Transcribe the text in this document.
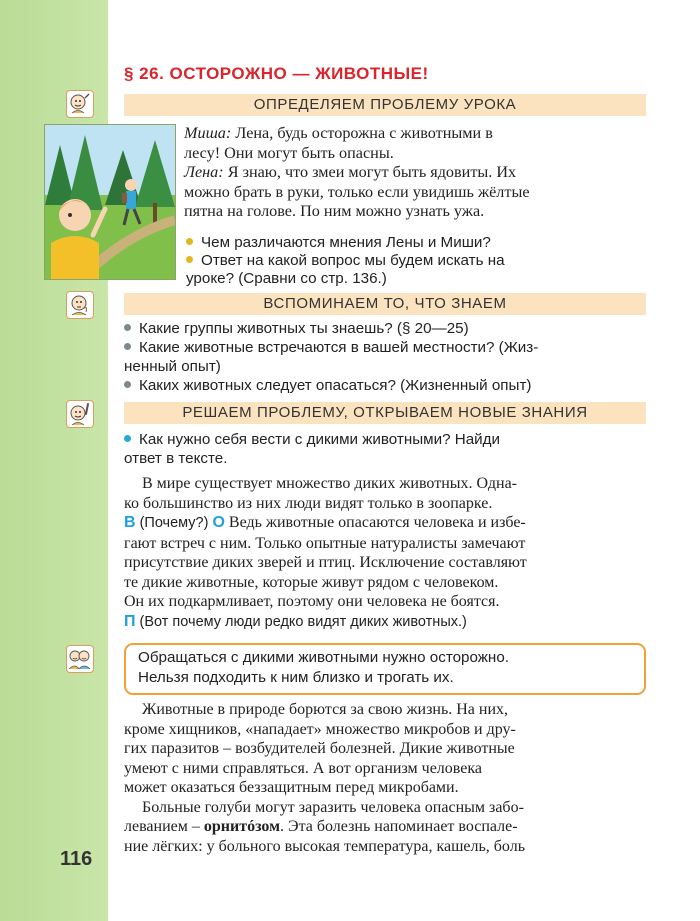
§ 26. ОСТОРОЖНО — ЖИВОТНЫЕ!
ОПРЕДЕЛЯЕМ ПРОБЛЕМУ УРОКА
Миша: Лена, будь осторожна с животными в
лесу! Они могут быть опасны.
Лена: Я знаю, что змеи могут быть ядовиты. Их
можно брать в руки, только если увидишь жёлтые
пятна на голове. По ним можно узнать ужа.
Чем различаются мнения Лены и Миши?
Ответ на какой вопрос мы будем искать на
уроке? (Сравни со стр. 136.)
ВСПОМИНАЕМ ТО, ЧТО ЗНАЕМ
Какие группы животных ты знаешь? (§ 20—25)
Какие животные встречаются в вашей местности? (Жиз-
ненный опыт)
Каких животных следует опасаться? (Жизненный опыт)
РЕШАЕМ ПРОБЛЕМУ, ОТКРЫВАЕМ НОВЫЕ ЗНАНИЯ
Как нужно себя вести с дикими животными? Найди
ответ в тексте.
В мире существует множество диких животных. Одна-
ко большинство из них люди видят только в зоопарке.
В (Почему?) О Ведь животные опасаются человека и избе-
гают встреч с ним. Только опытные натуралисты замечают
присутствие диких зверей и птиц. Исключение составляют
те дикие животные, которые живут рядом с человеком.
Он их подкармливает, поэтому они человека не боятся.
П (Вот почему люди редко видят диких животных.)
Обращаться с дикими животными нужно осторожно.
Нельзя подходить к ним близко и трогать их.
Животные в природе борются за свою жизнь. На них,
кроме хищников, «нападает» множество микробов и дру-
гих паразитов – возбудителей болезней. Дикие животные
умеют с ними справляться. А вот организм человека
может оказаться беззащитным перед микробами.
Больные голуби могут заразить человека опасным забо-
леванием – орнитóзом. Эта болезнь напоминает воспале-
ние лёгких: у больного высокая температура, кашель, боль
116
